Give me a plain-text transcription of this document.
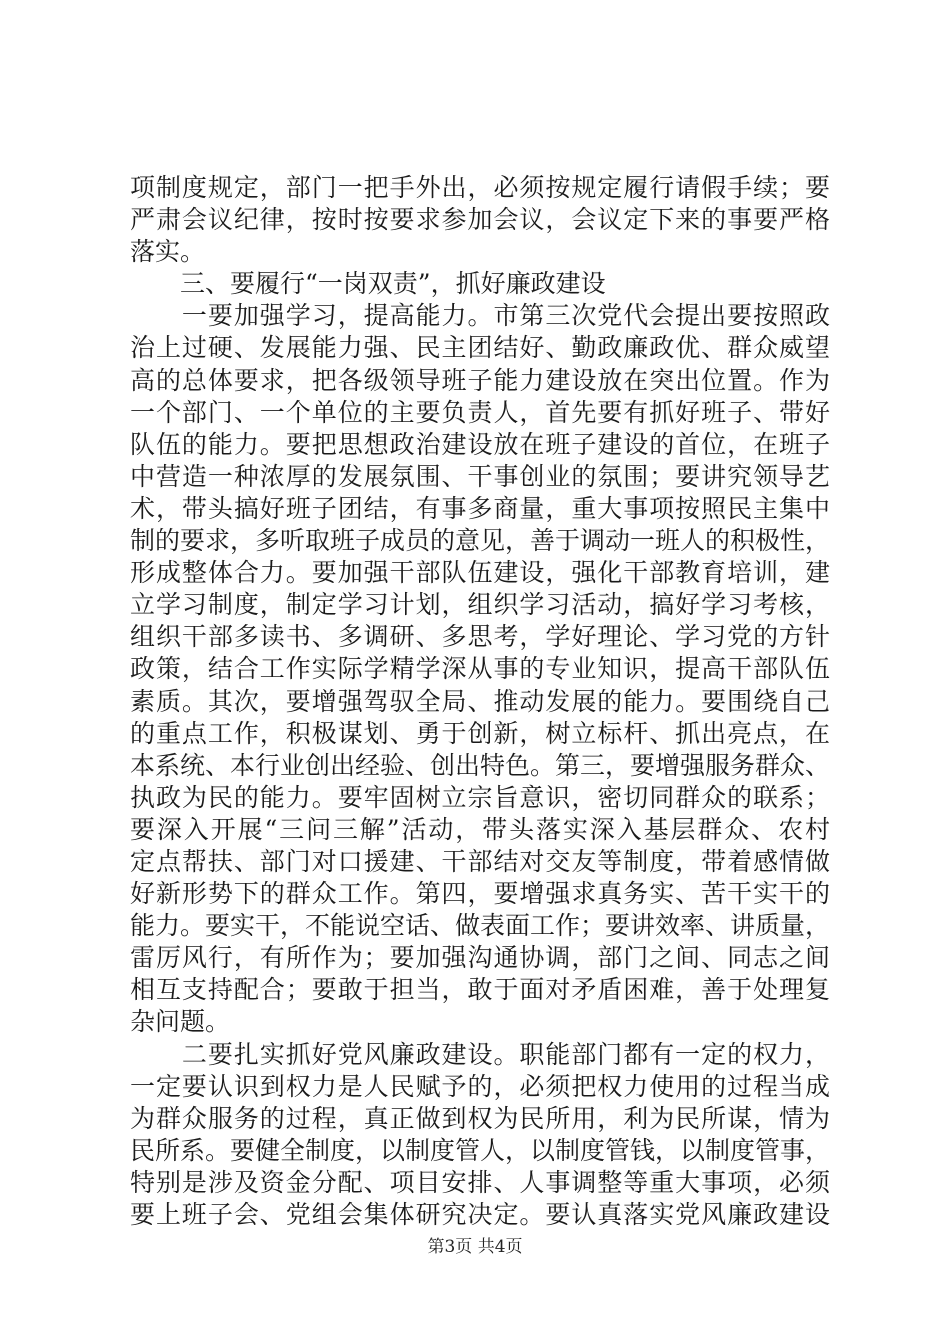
项制度规定，部门一把手外出，必须按规定履行请假手续；要
严肃会议纪律，按时按要求参加会议，会议定下来的事要严格
落实。
　　三、要履行“一岗双责”，抓好廉政建设
　　一要加强学习，提高能力。市第三次党代会提出要按照政
治上过硬、发展能力强、民主团结好、勤政廉政优、群众威望
高的总体要求，把各级领导班子能力建设放在突出位置。作为
一个部门、一个单位的主要负责人，首先要有抓好班子、带好
队伍的能力。要把思想政治建设放在班子建设的首位，在班子
中营造一种浓厚的发展氛围、干事创业的氛围；要讲究领导艺
术，带头搞好班子团结，有事多商量，重大事项按照民主集中
制的要求，多听取班子成员的意见，善于调动一班人的积极性，
形成整体合力。要加强干部队伍建设，强化干部教育培训，建
立学习制度，制定学习计划，组织学习活动，搞好学习考核，
组织干部多读书、多调研、多思考，学好理论、学习党的方针
政策，结合工作实际学精学深从事的专业知识，提高干部队伍
素质。其次，要增强驾驭全局、推动发展的能力。要围绕自己
的重点工作，积极谋划、勇于创新，树立标杆、抓出亮点，在
本系统、本行业创出经验、创出特色。第三，要增强服务群众、
执政为民的能力。要牢固树立宗旨意识，密切同群众的联系；
要深入开展“三问三解”活动，带头落实深入基层群众、农村
定点帮扶、部门对口援建、干部结对交友等制度，带着感情做
好新形势下的群众工作。第四，要增强求真务实、苦干实干的
能力。要实干，不能说空话、做表面工作；要讲效率、讲质量，
雷厉风行，有所作为；要加强沟通协调，部门之间、同志之间
相互支持配合；要敢于担当，敢于面对矛盾困难，善于处理复
杂问题。
　　二要扎实抓好党风廉政建设。职能部门都有一定的权力，
一定要认识到权力是人民赋予的，必须把权力使用的过程当成
为群众服务的过程，真正做到权为民所用，利为民所谋，情为
民所系。要健全制度，以制度管人，以制度管钱，以制度管事，
特别是涉及资金分配、项目安排、人事调整等重大事项，必须
要上班子会、党组会集体研究决定。要认真落实党风廉政建设
第3页 共4页
